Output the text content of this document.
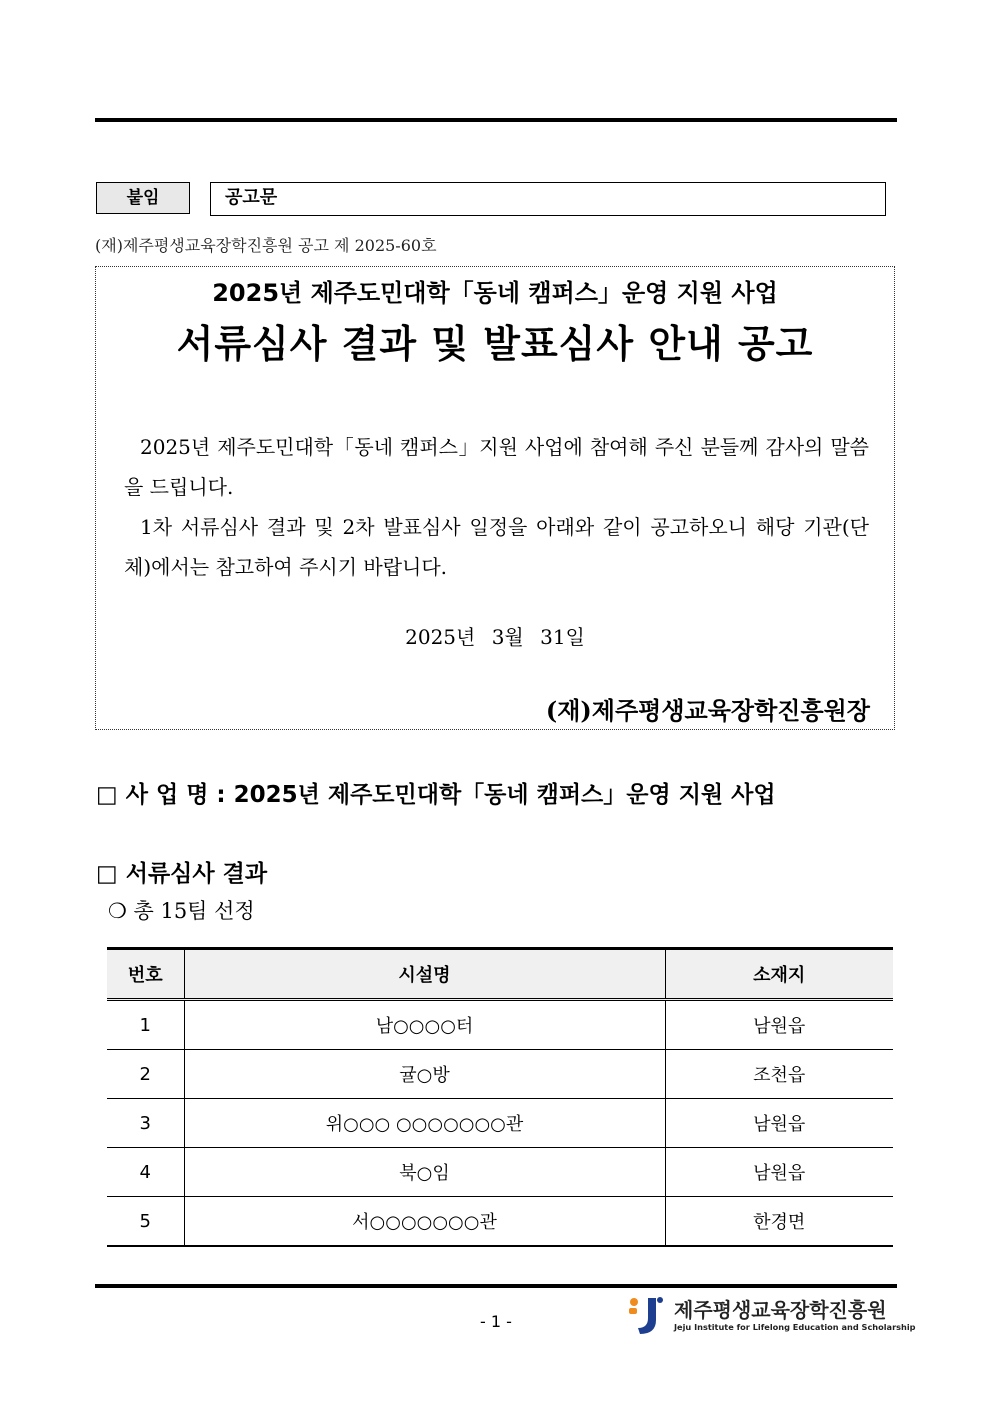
붙임	공고문
(재)제주평생교육장학진흥원 공고 제 2025-60호
2025년 제주도민대학「동네 캠퍼스」운영 지원 사업
서류심사 결과 및 발표심사 안내 공고
2025년 제주도민대학「동네 캠퍼스」지원 사업에 참여해 주신 분들께 감사의 말씀을 드립니다.
1차 서류심사 결과 및 2차 발표심사 일정을 아래와 같이 공고하오니 해당 기관(단체)에서는 참고하여 주시기 바랍니다.
2025년 3월 31일
(재)제주평생교육장학진흥원장
□ 사 업 명 : 2025년 제주도민대학「동네 캠퍼스」운영 지원 사업
□ 서류심사 결과
❍ 총 15팀 선정
번호	시설명	소재지
1	남○○○○터	남원읍
2	귤○방	조천읍
3	위○○○ ○○○○○○○관	남원읍
4	북○임	남원읍
5	서○○○○○○○관	한경면
- 1 -	제주평생교육장학진흥원
Jeju Institute for Lifelong Education and Scholarship
